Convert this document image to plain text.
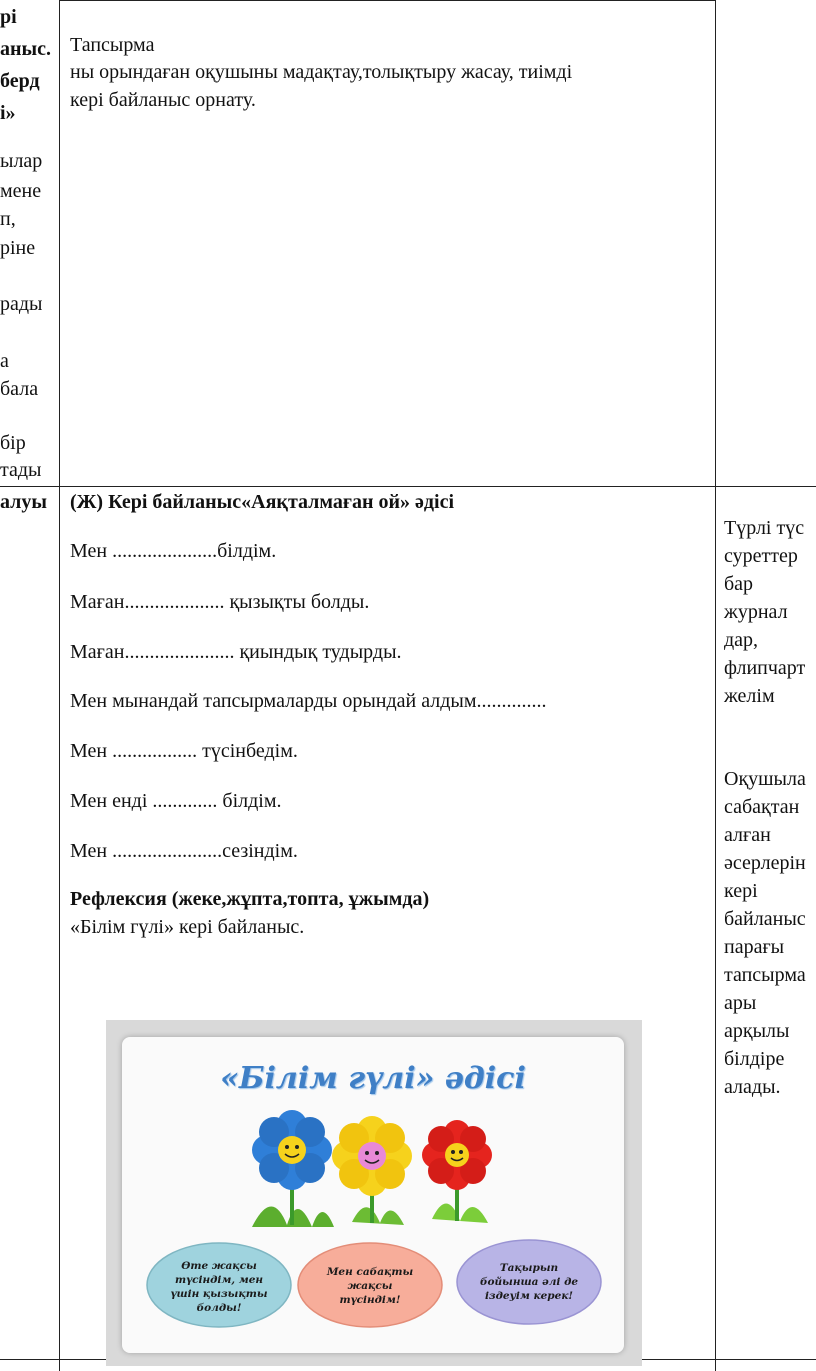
рі
аныс.
берд
і»
ылар
мене
п,
ріне
рады
а
бала
бір
тады
Тапсырма
ны орындаған оқушыны мадақтау,толықтыру жасау, тиімді
кері байланыс орнату.
алуы (Ж) Кері байланыс«Аяқталмаған ой» әдісі
Мен .....................білдім.
Маған.................... қызықты болды.
Маған...................... қиындық тудырды.
Мен мынандай тапсырмаларды орындай алдым..............
Мен ................. түсінбедім.
Мен енді ............. білдім.
Мен ......................сезіндім.
Рефлексия (жеке,жұпта,топта, ұжымда)
«Білім гүлі» кері байланыс.
Түрлі түс
суреттер
бар
журнал
дар,
флипчарт
желім
Оқушыла
сабақтан
алған
әсерлерін
кері
байланыс
парағы
тапсырма
ары
арқылы
білдіре
алады.
«Білім гүлі» әдісі
Өте жақсы
түсіндім, мен
үшін қызықты
болды!
Мен сабақты
жақсы
түсіндім!
Тақырып
бойынша әлі де
іздеуім керек!
